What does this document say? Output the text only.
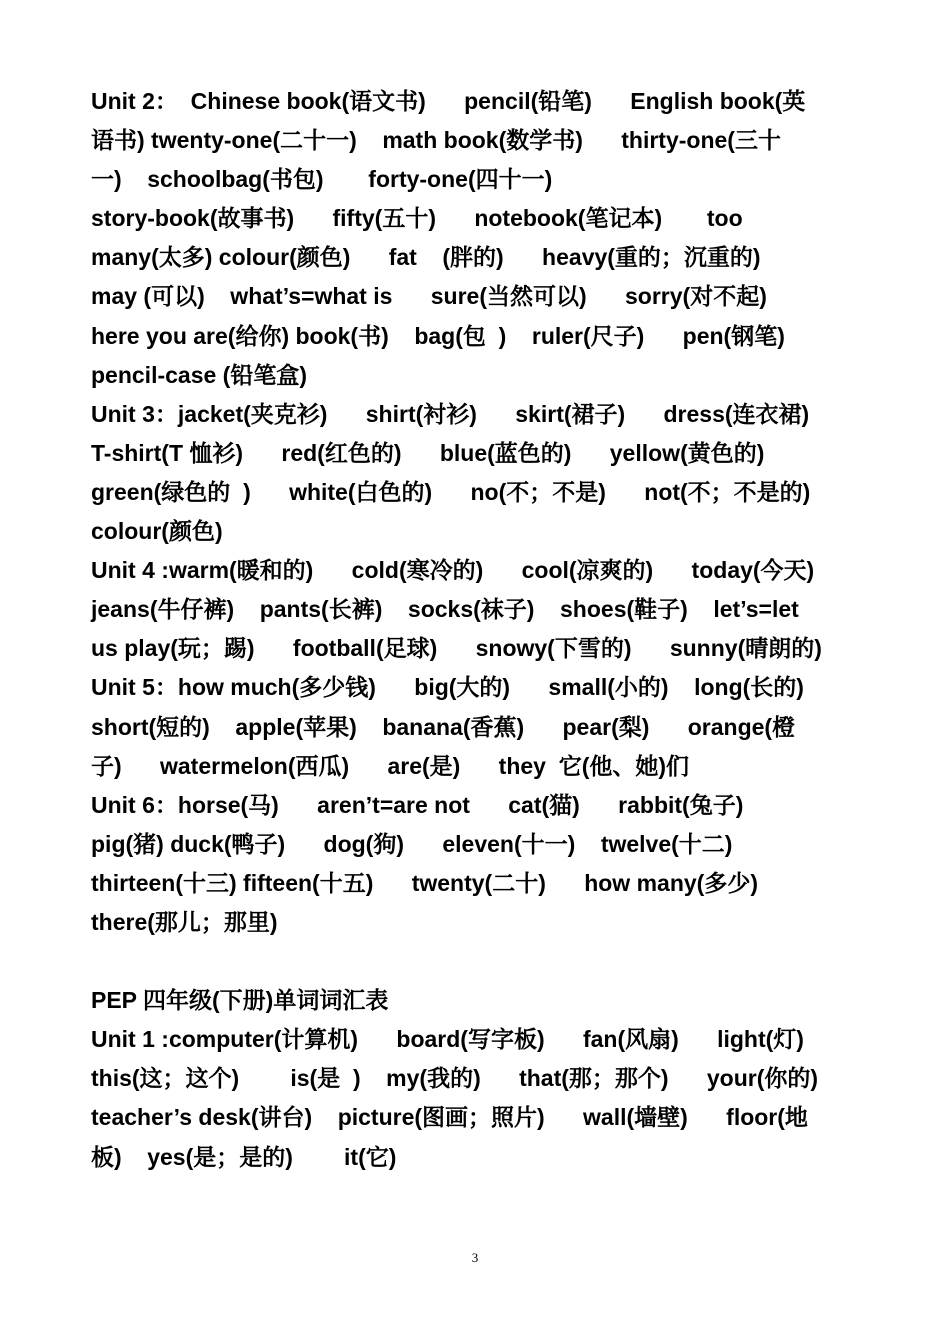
Unit 2：  Chinese book(语文书)      pencil(铅笔)      English book(英
语书) twenty-one(二十一)    math book(数学书)      thirty-one(三十
一)    schoolbag(书包)       forty-one(四十一)
story-book(故事书)      fifty(五十)      notebook(笔记本)       too
many(太多) colour(颜色)      fat    (胖的)      heavy(重的；沉重的)
may (可以)    what’s=what is      sure(当然可以)      sorry(对不起)
here you are(给你) book(书)    bag(包  )    ruler(尺子)      pen(钢笔)
pencil-case (铅笔盒)
Unit 3：jacket(夹克衫)      shirt(衬衫)      skirt(裙子)      dress(连衣裙)
T-shirt(T 恤衫)      red(红色的)      blue(蓝色的)      yellow(黄色的)
green(绿色的  )      white(白色的)      no(不；不是)      not(不；不是的)
colour(颜色)
Unit 4 :warm(暖和的)      cold(寒冷的)      cool(凉爽的)      today(今天)
jeans(牛仔裤)    pants(长裤)    socks(袜子)    shoes(鞋子)    let’s=let
us play(玩；踢)      football(足球)      snowy(下雪的)      sunny(晴朗的)
Unit 5：how much(多少钱)      big(大的)      small(小的)    long(长的)
short(短的)    apple(苹果)    banana(香蕉)      pear(梨)      orange(橙
子)      watermelon(西瓜)      are(是)      they  它(他、她)们
Unit 6：horse(马)      aren’t=are not      cat(猫)      rabbit(兔子)
pig(猪) duck(鸭子)      dog(狗)      eleven(十一)    twelve(十二)
thirteen(十三) fifteen(十五)      twenty(二十)      how many(多少)
there(那儿；那里)
PEP 四年级(下册)单词词汇表
Unit 1 :computer(计算机)      board(写字板)      fan(风扇)      light(灯)
this(这；这个)        is(是  )    my(我的)      that(那；那个)      your(你的)
teacher’s desk(讲台)    picture(图画；照片)      wall(墙壁)      floor(地
板)    yes(是；是的)        it(它)
3
